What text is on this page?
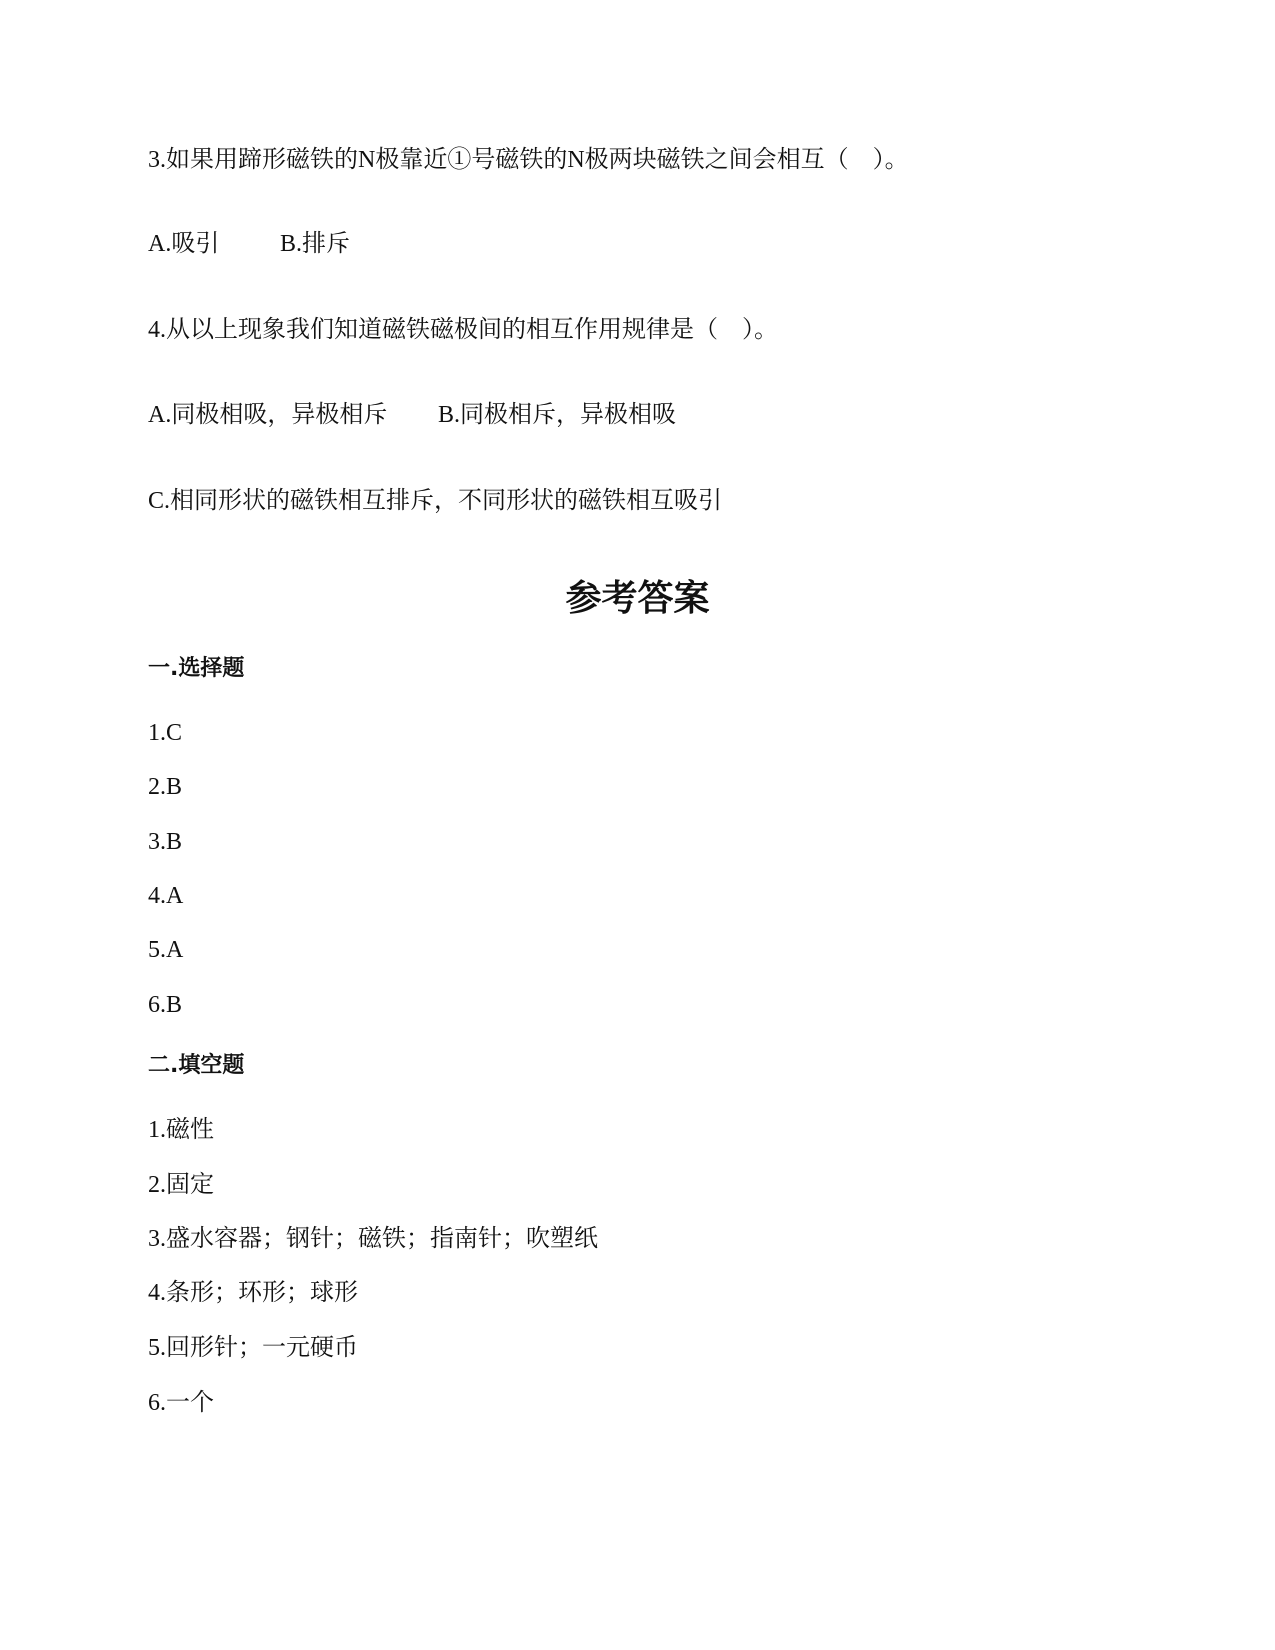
3.如果用蹄形磁铁的N极靠近①号磁铁的N极两块磁铁之间会相互（　）。
A.吸引	B.排斥
4.从以上现象我们知道磁铁磁极间的相互作用规律是（　）。
A.同极相吸，异极相斥 B.同极相斥，异极相吸
C.相同形状的磁铁相互排斥，不同形状的磁铁相互吸引
参考答案
一.选择题
1.C
2.B
3.B
4.A
5.A
6.B
二.填空题
1.磁性
2.固定
3.盛水容器；钢针；磁铁；指南针；吹塑纸
4.条形；环形；球形
5.回形针；一元硬币
6.一个
